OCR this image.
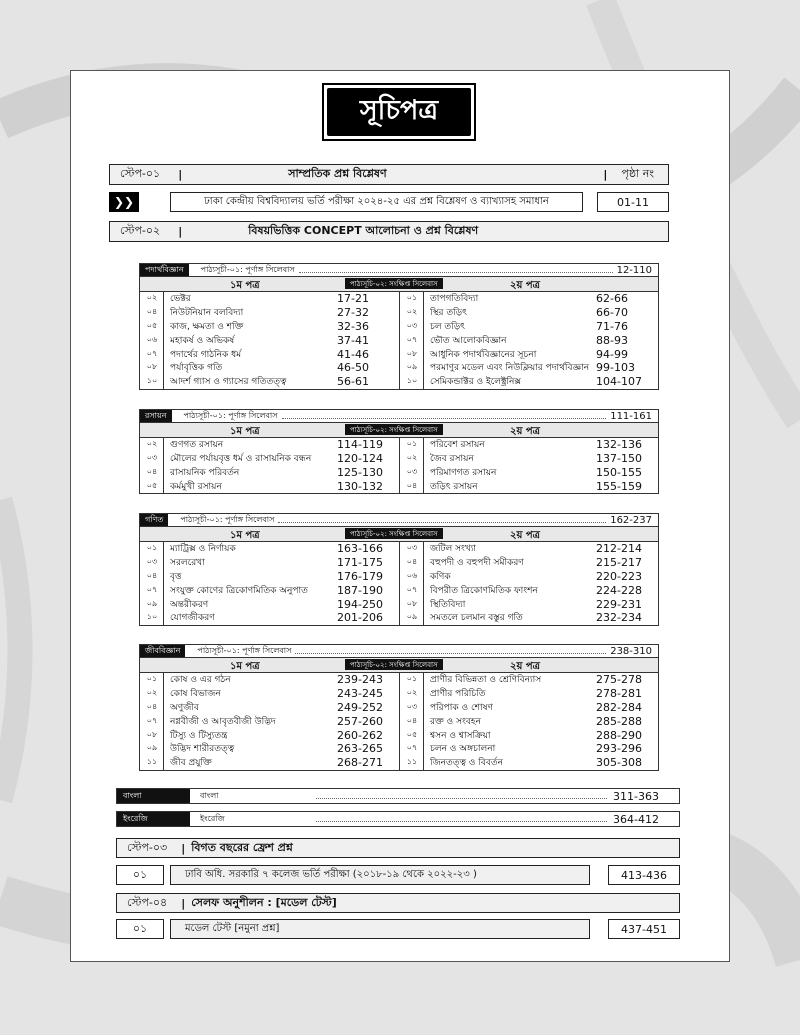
সূচিপত্র
স্টেপ-০১	|	সাম্প্রতিক প্রশ্ন বিশ্লেষণ	|	পৃষ্ঠা নং
❯❯	ঢাকা কেন্দ্রীয় বিশ্ববিদ্যালয় ভর্তি পরীক্ষা ২০২৪-২৫ এর প্রশ্ন বিশ্লেষণ ও ব্যাখ্যাসহ সমাধান	01-11
স্টেপ-০২	|	বিষয়ভিত্তিক CONCEPT আলোচনা ও প্রশ্ন বিশ্লেষণ
পদার্থবিজ্ঞান	পাঠ্যসূচী-০১: পূর্ণাঙ্গ সিলেবাস	12-110
১ম পত্র	পাঠ্যসূচি-০২: সংক্ষিপ্ত সিলেবাস	২য় পত্র
০২	ভেক্টর	17-21
০৪	নিউটনিয়ান বলবিদ্যা	27-32
০৫	কাজ, ক্ষমতা ও শক্তি	32-36
০৬	মহাকর্ষ ও অভিকর্ষ	37-41
০৭	পদার্থের গাঠনিক ধর্ম	41-46
০৮	পর্যাবৃত্তিক গতি	46-50
১০	আদর্শ গ্যাস ও গ্যাসের গতিতত্ত্ব	56-61
০১	তাপগতিবিদ্যা	62-66
০২	স্থির তড়িৎ	66-70
০৩	চল তড়িৎ	71-76
০৭	ভৌত আলোকবিজ্ঞান	88-93
০৮	আধুনিক পদার্থবিজ্ঞানের সূচনা	94-99
০৯	পরমাণুর মডেল এবং নিউক্লিয়ার পদার্থবিজ্ঞান 99-103
১০	সেমিকন্ডাক্টর ও ইলেক্ট্রনিক্স	104-107
রসায়ন	পাঠ্যসূচী-০১: পূর্ণাঙ্গ সিলেবাস	111-161
১ম পত্র	পাঠ্যসূচি-০২: সংক্ষিপ্ত সিলেবাস	২য় পত্র
০২	গুণগত রসায়ন	114-119
০৩	মৌলের পর্যায়বৃত্ত ধর্ম ও রাসায়নিক বন্ধন	120-124
০৪	রাসায়নিক পরিবর্তন	125-130
০৫	কর্মমুখী রসায়ন	130-132
০১	পরিবেশ রসায়ন	132-136
০২	জৈব রসায়ন	137-150
০৩	পরিমাণগত রসায়ন	150-155
০৪	তড়িৎ রসায়ন	155-159
গণিত	পাঠ্যসূচী-০১: পূর্ণাঙ্গ সিলেবাস	162-237
১ম পত্র	পাঠ্যসূচি-০২: সংক্ষিপ্ত সিলেবাস	২য় পত্র
০১	ম্যাট্রিক্স ও নির্ণায়ক	163-166
০৩	সরলরেখা	171-175
০৪	বৃত্ত	176-179
০৭	সংযুক্ত কোণের ত্রিকোণমিতিক অনুপাত	187-190
০৯	অন্তরীকরণ	194-250
১০	যোগজীকরণ	201-206
০৩	জটিল সংখ্যা	212-214
০৪	বহুপদী ও বহুপদী সমীকরণ	215-217
০৬	কণিক	220-223
০৭	বিপরীত ত্রিকোণমিতিক ফাংশন	224-228
০৮	স্থিতিবিদ্যা	229-231
০৯	সমতলে চলমান বস্তুর গতি	232-234
জীববিজ্ঞান	পাঠ্যসূচী-০১: পূর্ণাঙ্গ সিলেবাস	238-310
১ম পত্র	পাঠ্যসূচি-০২: সংক্ষিপ্ত সিলেবাস	২য় পত্র
০১	কোষ ও এর গঠন	239-243
০২	কোষ বিভাজন	243-245
০৪	অণুজীব	249-252
০৭	নগ্নবীজী ও আবৃতবীজী উদ্ভিদ	257-260
০৮	টিস্যু ও টিস্যুতন্ত্র	260-262
০৯	উদ্ভিদ শারীরতত্ত্ব	263-265
১১	জীব প্রযুক্তি	268-271
০১	প্রাণীর বিভিন্নতা ও শ্রেণিবিন্যাস	275-278
০২	প্রাণীর পরিচিতি	278-281
০৩	পরিপাক ও শোষণ	282-284
০৪	রক্ত ও সংবহন	285-288
০৫	শ্বসন ও শ্বাসক্রিয়া	288-290
০৭	চলন ও অঙ্গচালনা	293-296
১১	জিনতত্ত্ব ও বিবর্তন	305-308
বাংলা	বাংলা	311-363
ইংরেজি	ইংরেজি	364-412
স্টেপ-০৩	| বিগত বছরের ফ্রেশ প্রশ্ন
০১	ঢাবি অধি. সরকারি ৭ কলেজ ভর্তি পরীক্ষা (২০১৮-১৯ থেকে ২০২২-২৩ )	413-436
স্টেপ-০৪	| সেলফ অনুশীলন : [মডেল টেস্ট]
০১	মডেল টেস্ট [নমুনা প্রশ্ন]	437-451
